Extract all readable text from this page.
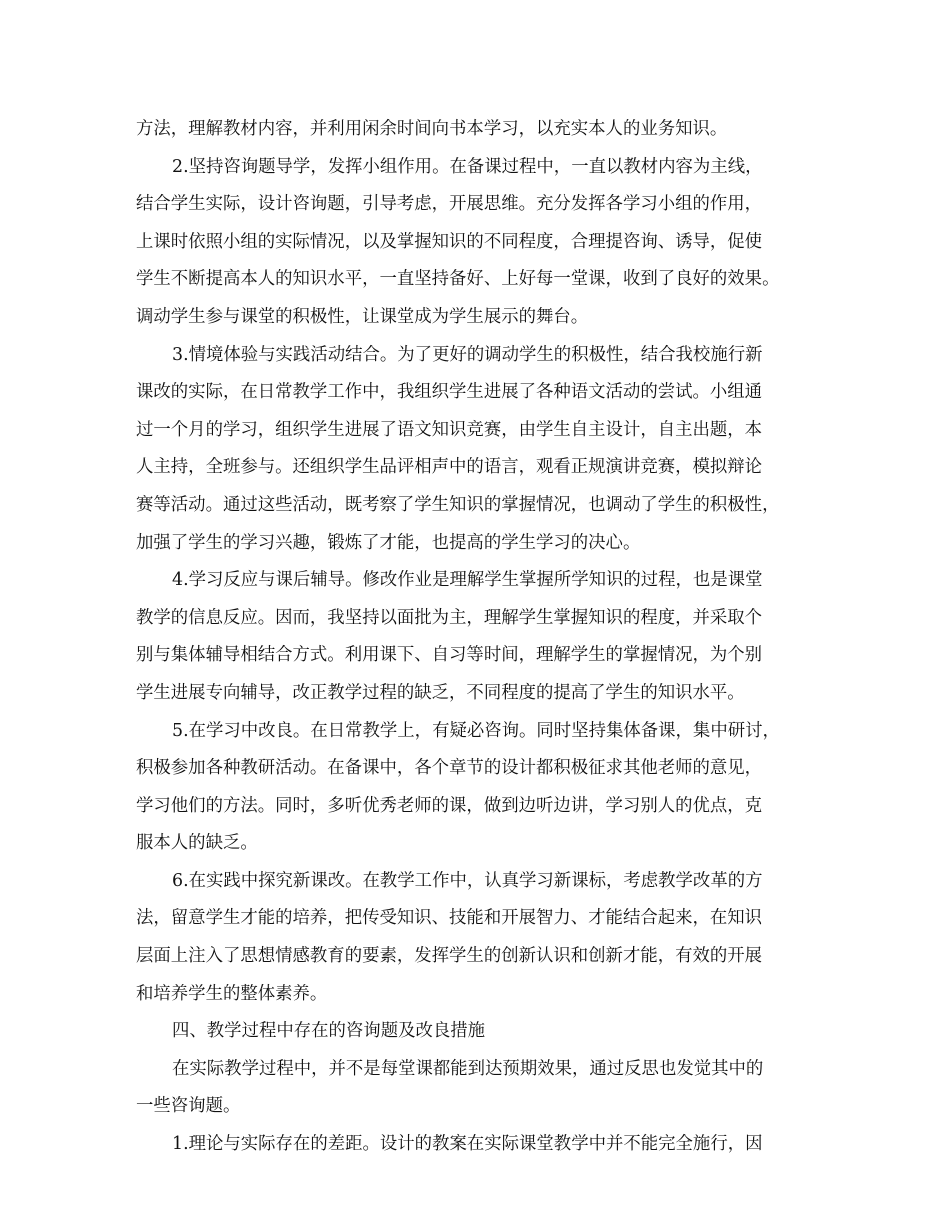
方法，理解教材内容，并利用闲余时间向书本学习，以充实本人的业务知识。
2.坚持咨询题导学，发挥小组作用。在备课过程中，一直以教材内容为主线，
结合学生实际，设计咨询题，引导考虑，开展思维。充分发挥各学习小组的作用，
上课时依照小组的实际情况，以及掌握知识的不同程度，合理提咨询、诱导，促使
学生不断提高本人的知识水平，一直坚持备好、上好每一堂课，收到了良好的效果。
调动学生参与课堂的积极性，让课堂成为学生展示的舞台。
3.情境体验与实践活动结合。为了更好的调动学生的积极性，结合我校施行新
课改的实际，在日常教学工作中，我组织学生进展了各种语文活动的尝试。小组通
过一个月的学习，组织学生进展了语文知识竞赛，由学生自主设计，自主出题，本
人主持，全班参与。还组织学生品评相声中的语言，观看正规演讲竞赛，模拟辩论
赛等活动。通过这些活动，既考察了学生知识的掌握情况，也调动了学生的积极性，
加强了学生的学习兴趣，锻炼了才能，也提高的学生学习的决心。
4.学习反应与课后辅导。修改作业是理解学生掌握所学知识的过程，也是课堂
教学的信息反应。因而，我坚持以面批为主，理解学生掌握知识的程度，并采取个
别与集体辅导相结合方式。利用课下、自习等时间，理解学生的掌握情况，为个别
学生进展专向辅导，改正教学过程的缺乏，不同程度的提高了学生的知识水平。
5.在学习中改良。在日常教学上，有疑必咨询。同时坚持集体备课，集中研讨，
积极参加各种教研活动。在备课中，各个章节的设计都积极征求其他老师的意见，
学习他们的方法。同时，多听优秀老师的课，做到边听边讲，学习别人的优点，克
服本人的缺乏。
6.在实践中探究新课改。在教学工作中，认真学习新课标，考虑教学改革的方
法，留意学生才能的培养，把传受知识、技能和开展智力、才能结合起来，在知识
层面上注入了思想情感教育的要素，发挥学生的创新认识和创新才能，有效的开展
和培养学生的整体素养。
四、教学过程中存在的咨询题及改良措施
在实际教学过程中，并不是每堂课都能到达预期效果，通过反思也发觉其中的
一些咨询题。
1.理论与实际存在的差距。设计的教案在实际课堂教学中并不能完全施行，因
